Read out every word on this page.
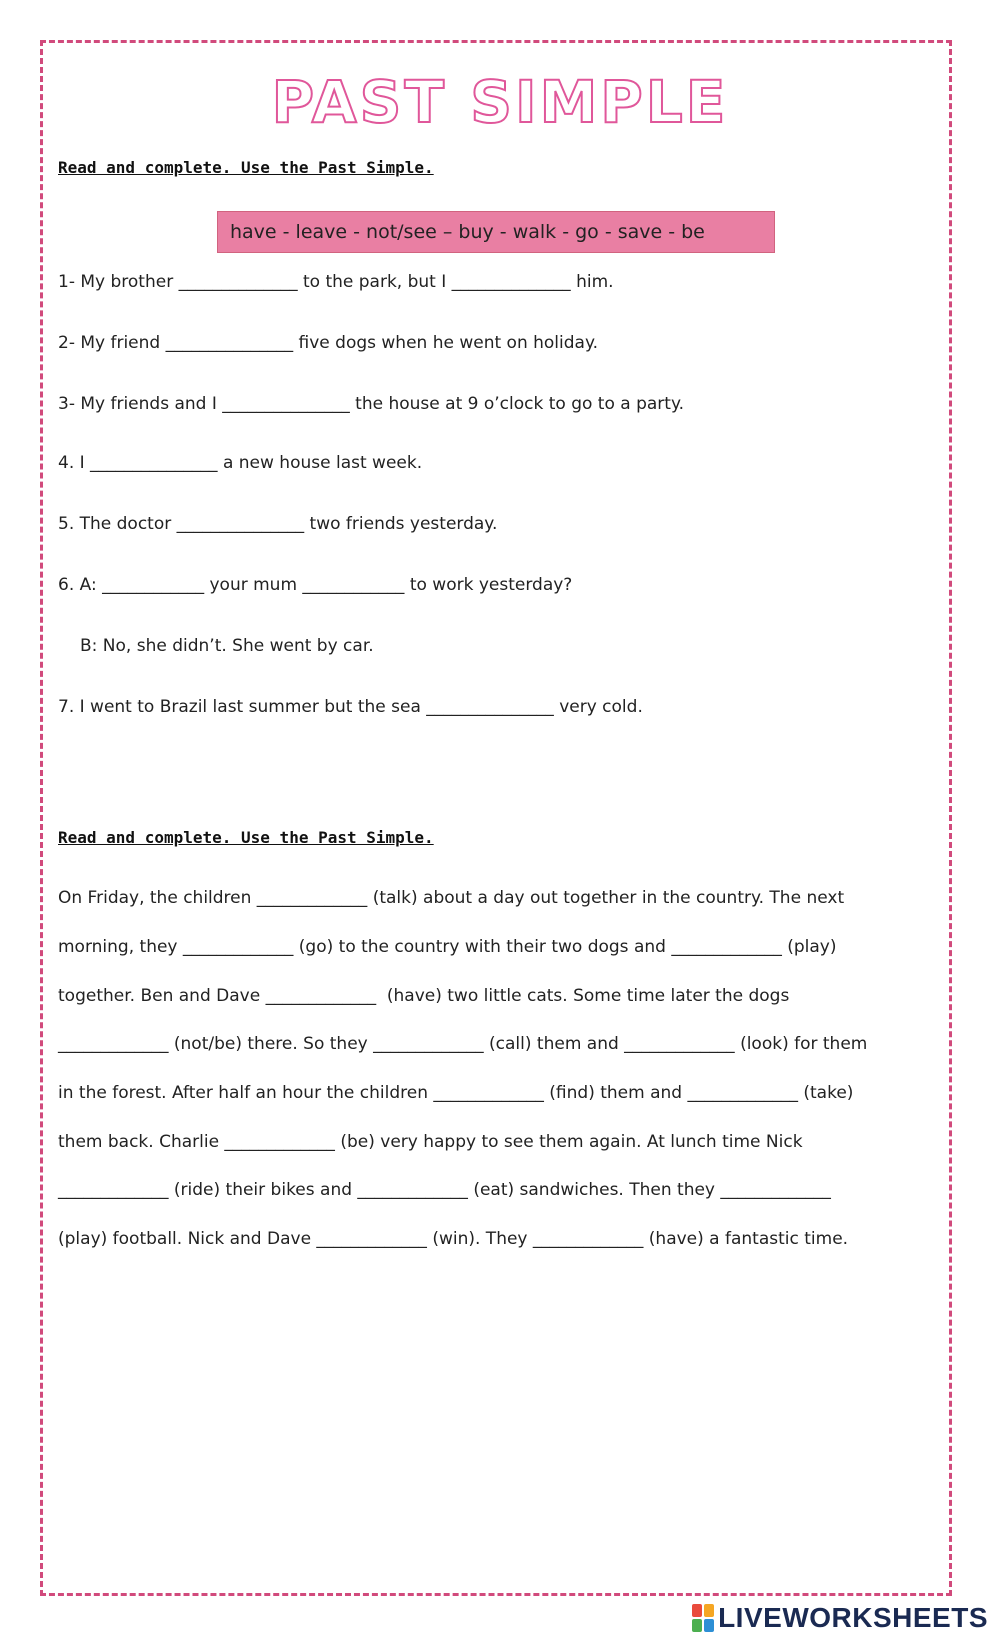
PAST SIMPLE
Read and complete. Use the Past Simple.
have - leave - not/see – buy - walk - go - save - be
1- My brother ______________ to the park, but I ______________ him.
2- My friend _______________ five dogs when he went on holiday.
3- My friends and I _______________ the house at 9 o’clock to go to a party.
4. I _______________ a new house last week.
5. The doctor _______________ two friends yesterday.
6. A: ____________ your mum ____________ to work yesterday?
B: No, she didn’t. She went by car.
7. I went to Brazil last summer but the sea _______________ very cold.
Read and complete. Use the Past Simple.
On Friday, the children _____________ (talk) about a day out together in the country. The next
morning, they _____________ (go) to the country with their two dogs and _____________ (play)
together. Ben and Dave _____________  (have) two little cats. Some time later the dogs
_____________ (not/be) there. So they _____________ (call) them and _____________ (look) for them
in the forest. After half an hour the children _____________ (find) them and _____________ (take)
them back. Charlie _____________ (be) very happy to see them again. At lunch time Nick
_____________ (ride) their bikes and _____________ (eat) sandwiches. Then they _____________
(play) football. Nick and Dave _____________ (win). They _____________ (have) a fantastic time.
LIVEWORKSHEETS
